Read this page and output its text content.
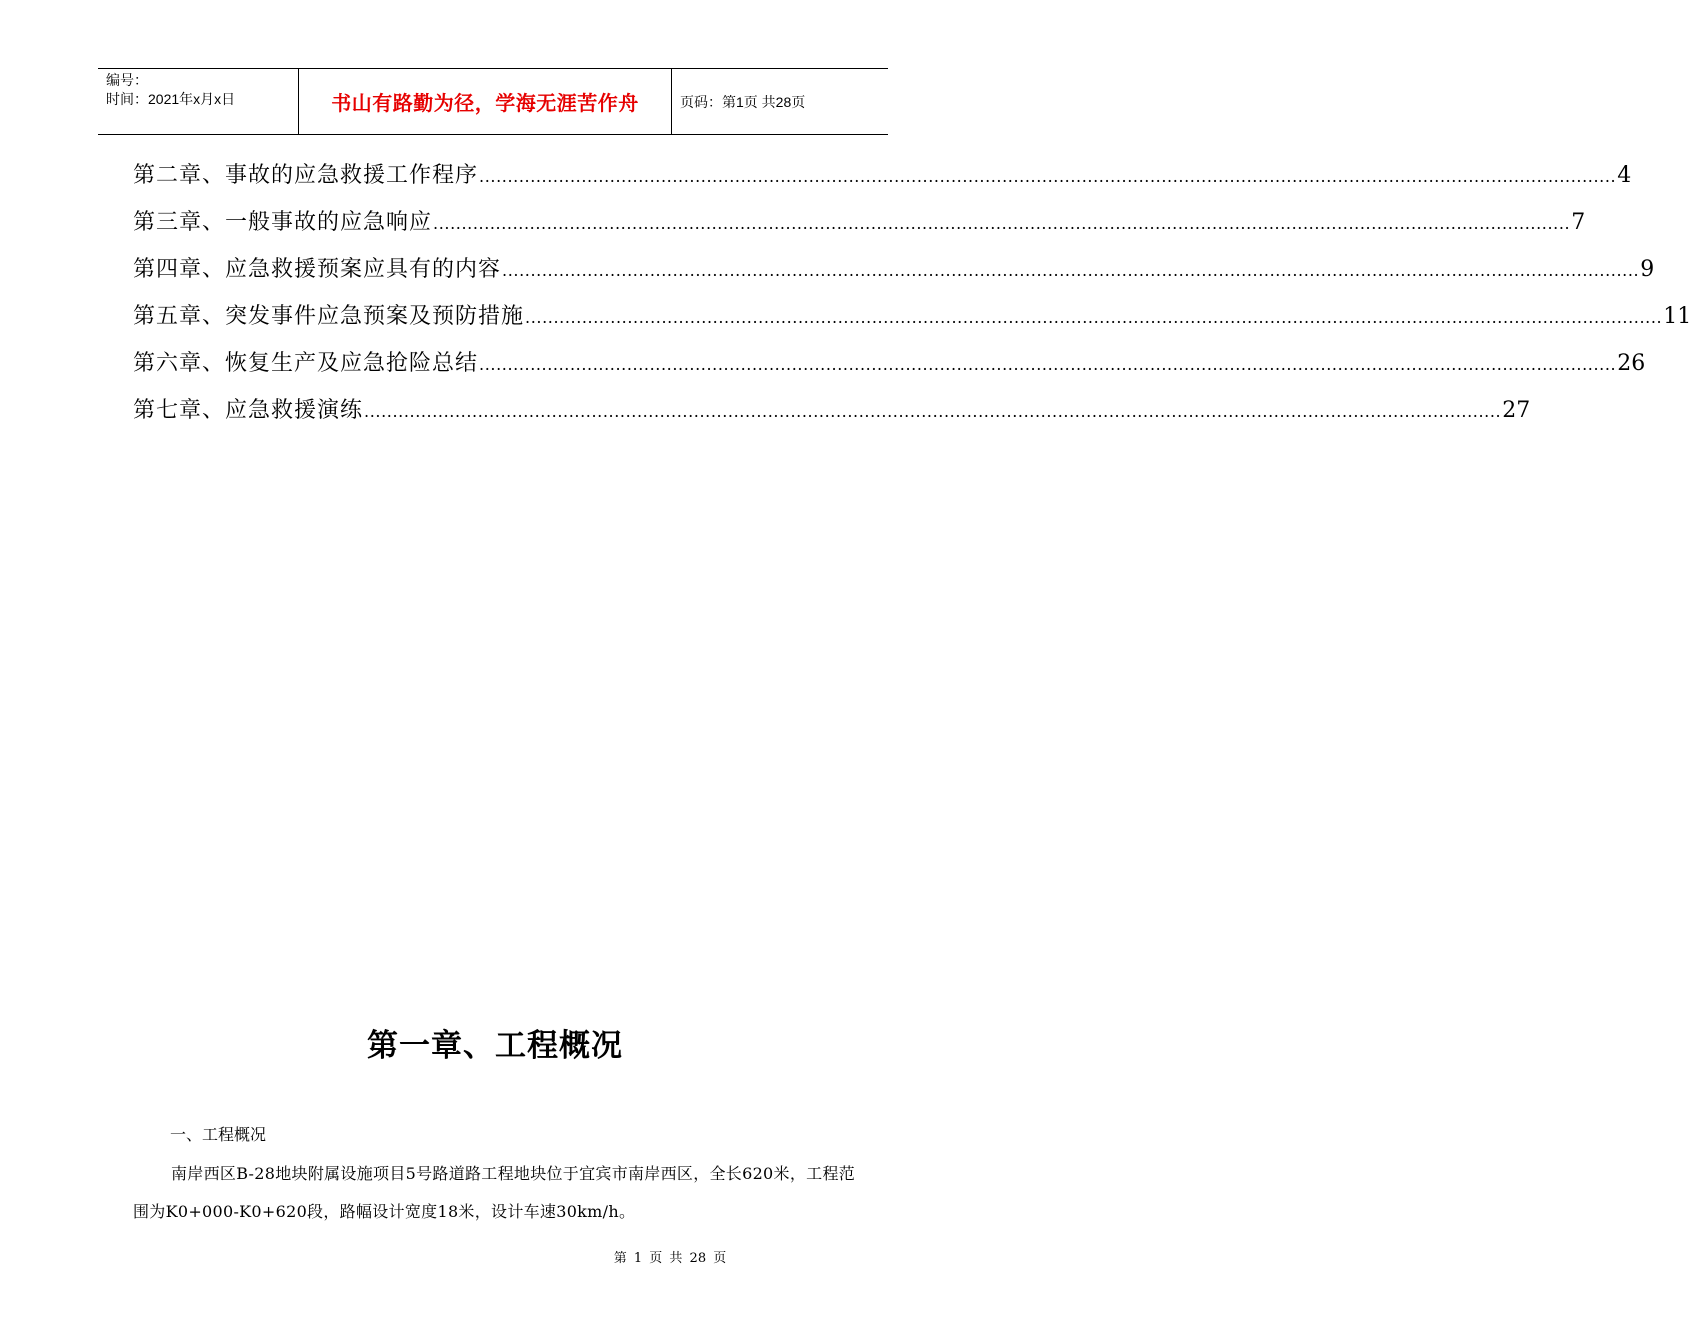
编号：
时间：2021年x月x日	书山有路勤为径，学海无涯苦作舟	页码：第1页 共28页
第二章、事故的应急救援工作程序 ........................................................................................................................................................................................................ 4
第三章、一般事故的应急响应 ........................................................................................................................................................................................................ 7
第四章、应急救援预案应具有的内容 ........................................................................................................................................................................................................ 9
第五章、突发事件应急预案及预防措施 ........................................................................................................................................................................................................ 11
第六章、恢复生产及应急抢险总结 ........................................................................................................................................................................................................ 26
第七章、应急救援演练 ........................................................................................................................................................................................................ 27
第一章、工程概况
一、工程概况
南岸西区B-28地块附属设施项目5号路道路工程地块位于宜宾市南岸西区，全长620米，工程范围为K0+000-K0+620段，路幅设计宽度18米，设计车速30km/h。
第 1 页 共 28 页
